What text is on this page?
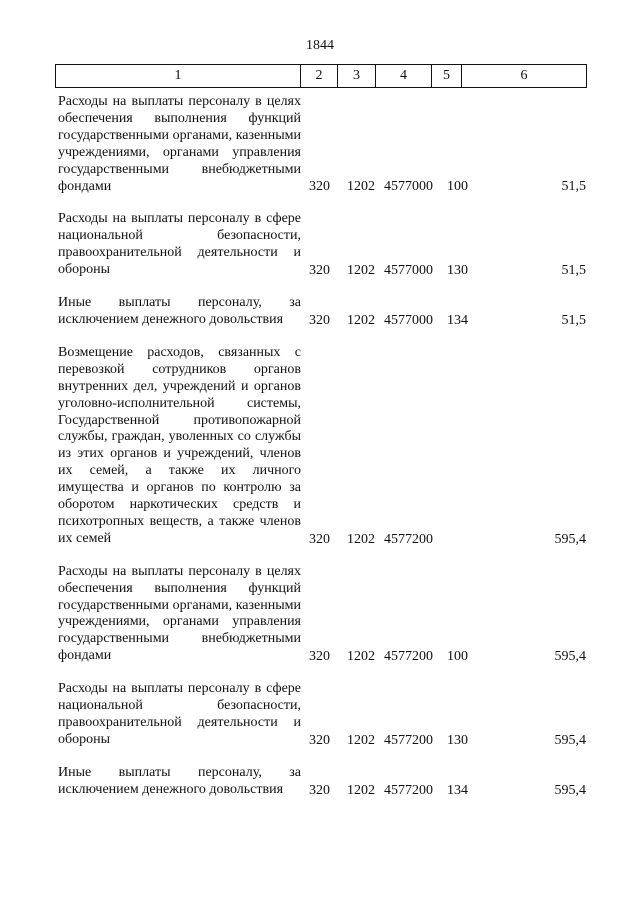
1844
1	2	3	4	5	6
Расходы на выплаты персоналу в целях обеспечения выполнения функций государственными органами, казенными учреждениями, органами управления государственными внебюджетными фондами	320 1202 4577000 100	51,5
Расходы на выплаты персоналу в сфере национальной безопасности, правоохранительной деятельности и обороны	320 1202 4577000 130	51,5
Иные выплаты персоналу, за исключением денежного довольствия	320 1202 4577000 134	51,5
Возмещение расходов, связанных с перевозкой сотрудников органов внутренних дел, учреждений и органов уголовно-исполнительной системы, Государственной противопожарной службы, граждан, уволенных со службы из этих органов и учреждений, членов их семей, а также их личного имущества и органов по контролю за оборотом наркотических средств и психотропных веществ, а также членов их семей	320 1202 4577200	595,4
Расходы на выплаты персоналу в целях обеспечения выполнения функций государственными органами, казенными учреждениями, органами управления государственными внебюджетными фондами	320 1202 4577200 100	595,4
Расходы на выплаты персоналу в сфере национальной безопасности, правоохранительной деятельности и обороны	320 1202 4577200 130	595,4
Иные выплаты персоналу, за исключением денежного довольствия	320 1202 4577200 134	595,4
